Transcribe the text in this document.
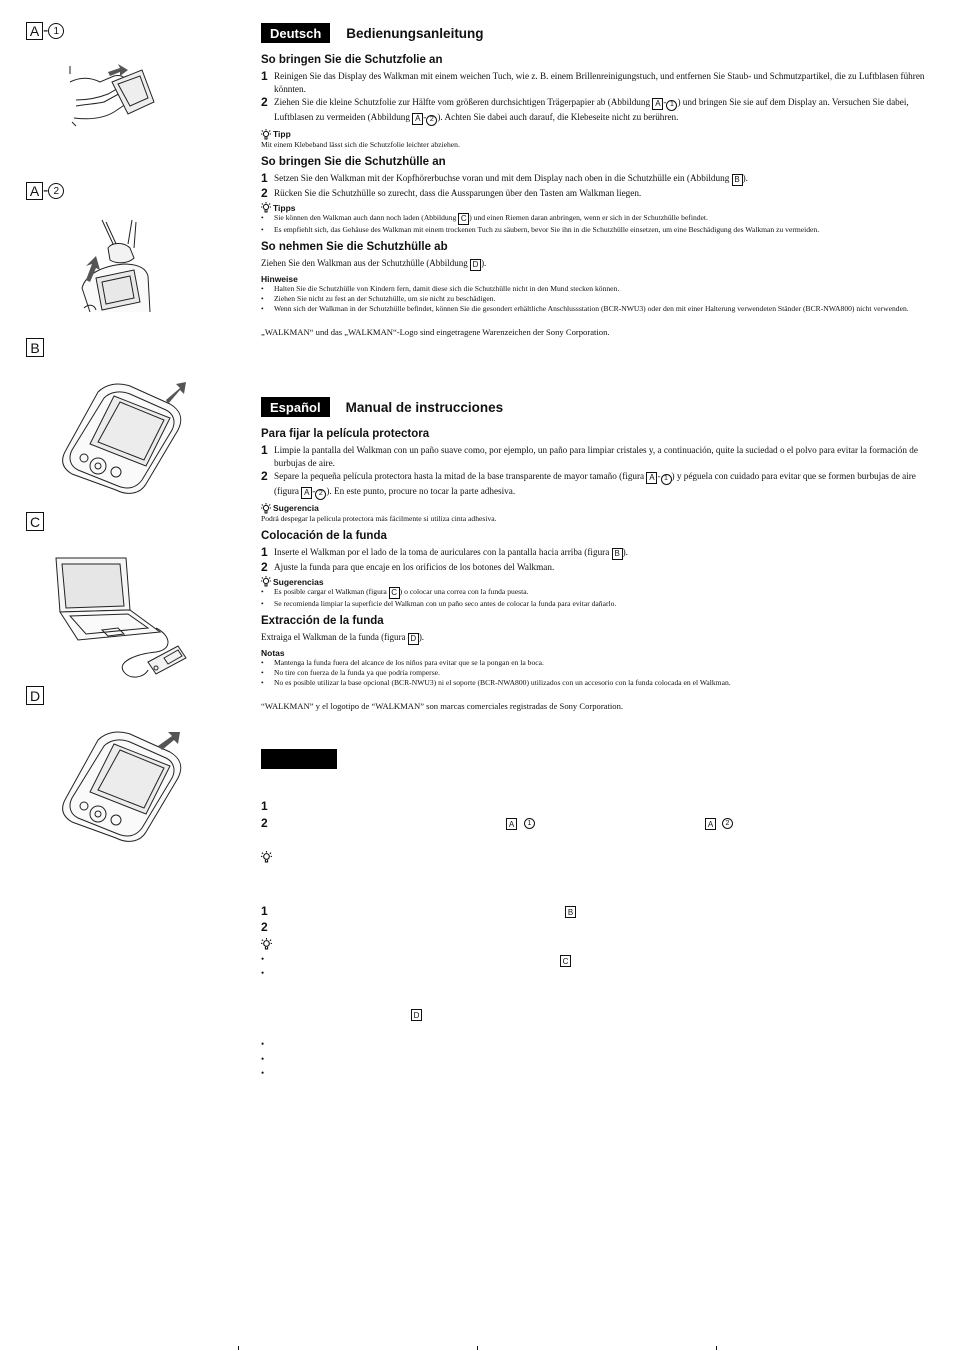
A - 1
A - 2
B
C
D
Deutsch	Bedienungsanleitung
So bringen Sie die Schutzfolie an
1 Reinigen Sie das Display des Walkman mit einem weichen Tuch, wie z. B. einem Brillenreinigungstuch, und entfernen Sie Staub- und Schmutzpartikel, die zu Luftblasen führen könnten.
2 Ziehen Sie die kleine Schutzfolie zur Hälfte vom größeren durchsichtigen Trägerpapier ab (Abbildung A - 1 ) und bringen Sie sie auf dem Display an. Versuchen Sie dabei, Luftblasen zu vermeiden (Abbildung A - 2 ). Achten Sie dabei auch darauf, die Klebeseite nicht zu berühren.
Tipp
Mit einem Klebeband lässt sich die Schutzfolie leichter abziehen.
So bringen Sie die Schutzhülle an
1 Setzen Sie den Walkman mit der Kopfhörerbuchse voran und mit dem Display nach oben in die Schutzhülle ein (Abbildung B ).
2 Rücken Sie die Schutzhülle so zurecht, dass die Aussparungen über den Tasten am Walkman liegen.
Tipps
• Sie können den Walkman auch dann noch laden (Abbildung C ) und einen Riemen daran anbringen, wenn er sich in der Schutzhülle befindet.
• Es empfiehlt sich, das Gehäuse des Walkman mit einem trockenen Tuch zu säubern, bevor Sie ihn in die Schutzhülle einsetzen, um eine Beschädigung des Walkman zu vermeiden.
So nehmen Sie die Schutzhülle ab
Ziehen Sie den Walkman aus der Schutzhülle (Abbildung D ).
Hinweise
• Halten Sie die Schutzhülle von Kindern fern, damit diese sich die Schutzhülle nicht in den Mund stecken können.
• Ziehen Sie nicht zu fest an der Schutzhülle, um sie nicht zu beschädigen.
• Wenn sich der Walkman in der Schutzhülle befindet, können Sie die gesondert erhältliche Anschlussstation (BCR-NWU3) oder den mit einer Halterung verwendeten Ständer (BCR-NWA800) nicht verwenden.
„WALKMAN“ und das „WALKMAN“-Logo sind eingetragene Warenzeichen der Sony Corporation.
Español	Manual de instrucciones
Para fijar la película protectora
1 Limpie la pantalla del Walkman con un paño suave como, por ejemplo, un paño para limpiar cristales y, a continuación, quite la suciedad o el polvo para evitar la formación de burbujas de aire.
2 Separe la pequeña película protectora hasta la mitad de la base transparente de mayor tamaño (figura A - 1 ) y péguela con cuidado para evitar que se formen burbujas de aire (figura A - 2 ). En este punto, procure no tocar la parte adhesiva.
Sugerencia
Podrá despegar la película protectora más fácilmente si utiliza cinta adhesiva.
Colocación de la funda
1 Inserte el Walkman por el lado de la toma de auriculares con la pantalla hacia arriba (figura B ).
2 Ajuste la funda para que encaje en los orificios de los botones del Walkman.
Sugerencias
• Es posible cargar el Walkman (figura C ) o colocar una correa con la funda puesta.
• Se recomienda limpiar la superficie del Walkman con un paño seco antes de colocar la funda para evitar dañarlo.
Extracción de la funda
Extraiga el Walkman de la funda (figura D ).
Notas
• Mantenga la funda fuera del alcance de los niños para evitar que se la pongan en la boca.
• No tire con fuerza de la funda ya que podría romperse.
• No es posible utilizar la base opcional (BCR-NWU3) ni el soporte (BCR-NWA800) utilizados con un accesorio con la funda colocada en el Walkman.
“WALKMAN” y el logotipo de “WALKMAN” son marcas comerciales registradas de Sony Corporation.
1
2	A	1	A	2
1	B
2
•	C
•
D
•
•
•
